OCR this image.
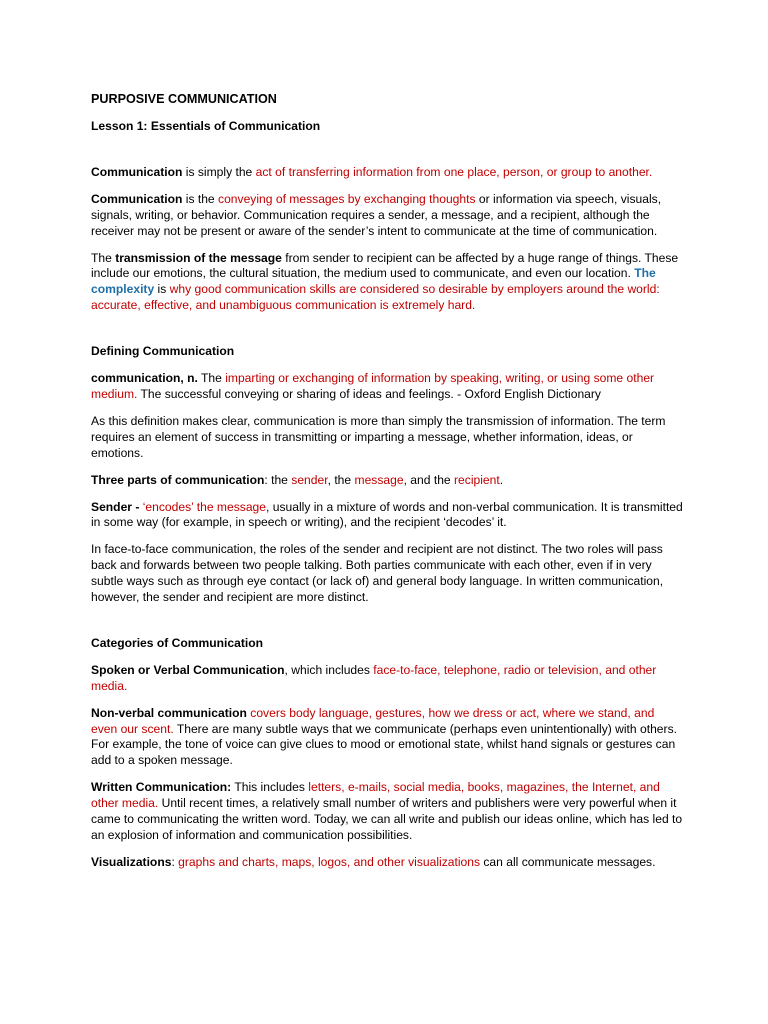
PURPOSIVE COMMUNICATION

Lesson 1: Essentials of Communication

Communication is simply the act of transferring information from one place, person, or group to another.

Communication is the conveying of messages by exchanging thoughts or information via speech, visuals, signals, writing, or behavior. Communication requires a sender, a message, and a recipient, although the receiver may not be present or aware of the sender’s intent to communicate at the time of communication.

The transmission of the message from sender to recipient can be affected by a huge range of things. These include our emotions, the cultural situation, the medium used to communicate, and even our location. The complexity is why good communication skills are considered so desirable by employers around the world: accurate, effective, and unambiguous communication is extremely hard.

Defining Communication

communication, n. The imparting or exchanging of information by speaking, writing, or using some other medium. The successful conveying or sharing of ideas and feelings. - Oxford English Dictionary

As this definition makes clear, communication is more than simply the transmission of information. The term requires an element of success in transmitting or imparting a message, whether information, ideas, or emotions.

Three parts of communication: the sender, the message, and the recipient.

Sender - ‘encodes’ the message, usually in a mixture of words and non-verbal communication. It is transmitted in some way (for example, in speech or writing), and the recipient ‘decodes’ it.

In face-to-face communication, the roles of the sender and recipient are not distinct. The two roles will pass back and forwards between two people talking. Both parties communicate with each other, even if in very subtle ways such as through eye contact (or lack of) and general body language. In written communication, however, the sender and recipient are more distinct.

Categories of Communication

Spoken or Verbal Communication, which includes face-to-face, telephone, radio or television, and other media.

Non-verbal communication covers body language, gestures, how we dress or act, where we stand, and even our scent. There are many subtle ways that we communicate (perhaps even unintentionally) with others. For example, the tone of voice can give clues to mood or emotional state, whilst hand signals or gestures can add to a spoken message.

Written Communication: This includes letters, e-mails, social media, books, magazines, the Internet, and other media. Until recent times, a relatively small number of writers and publishers were very powerful when it came to communicating the written word. Today, we can all write and publish our ideas online, which has led to an explosion of information and communication possibilities.

Visualizations: graphs and charts, maps, logos, and other visualizations can all communicate messages.
